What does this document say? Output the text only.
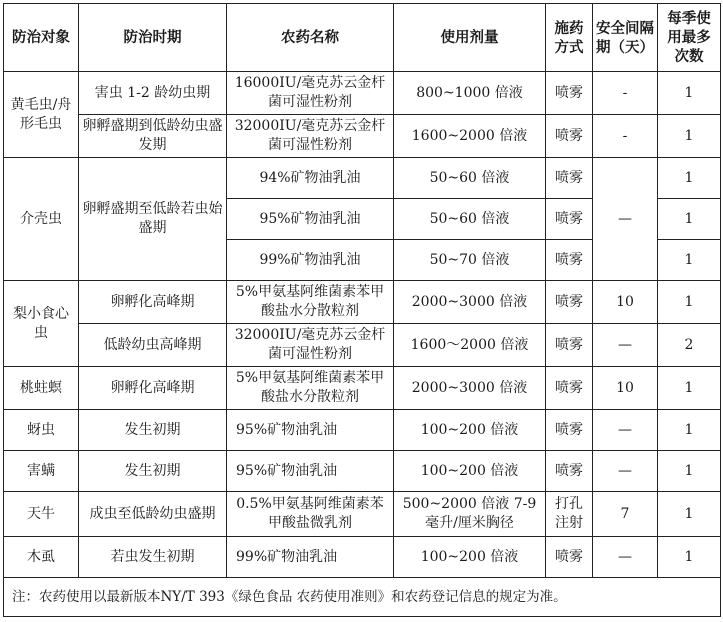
防治对象	防治时期	农药名称	使用剂量	施药方式	安全间隔期（天）	每季使用最多次数
黄毛虫/舟形毛虫	害虫 1-2 龄幼虫期	16000IU/毫克苏云金杆菌可湿性粉剂	800~1000 倍液	喷雾	-	1
	卵孵盛期到低龄幼虫盛发期	32000IU/毫克苏云金杆菌可湿性粉剂	1600~2000 倍液	喷雾	-	1
介壳虫	卵孵盛期至低龄若虫始盛期	94%矿物油乳油	50~60 倍液	喷雾	—	1
		95%矿物油乳油	50~60 倍液	喷雾		1
		99%矿物油乳油	50~70 倍液	喷雾		1
梨小食心虫	卵孵化高峰期	5%甲氨基阿维菌素苯甲酸盐水分散粒剂	2000~3000 倍液	喷雾	10	1
	低龄幼虫高峰期	32000IU/毫克苏云金杆菌可湿性粉剂	1600～2000 倍液	喷雾	—	2
桃蛀螟	卵孵化高峰期	5%甲氨基阿维菌素苯甲酸盐水分散粒剂	2000~3000 倍液	喷雾	10	1
蚜虫	发生初期	95%矿物油乳油	100~200 倍液	喷雾	—	1
害螨	发生初期	95%矿物油乳油	100~200 倍液	喷雾	—	1
天牛	成虫至低龄幼虫盛期	0.5%甲氨基阿维菌素苯甲酸盐微乳剂	500~2000 倍液 7-9 毫升/厘米胸径	打孔注射	7	1
木虱	若虫发生初期	99%矿物油乳油	100~200 倍液	喷雾	—	1
注：农药使用以最新版本NY/T 393《绿色食品 农药使用准则》和农药登记信息的规定为准。						
